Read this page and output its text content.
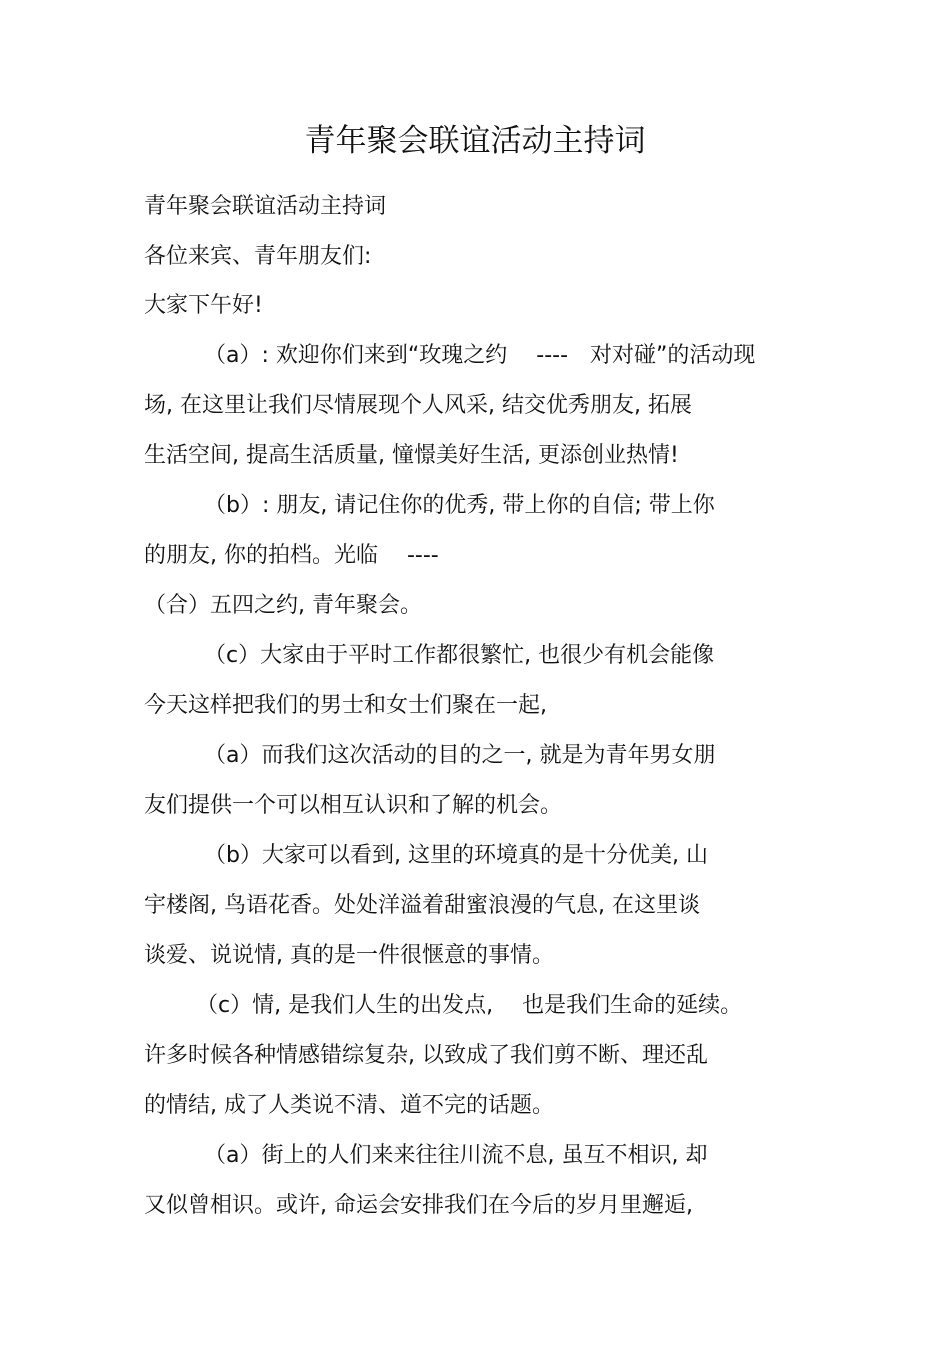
青年聚会联谊活动主持词
青年聚会联谊活动主持词
各位来宾、青年朋友们:
大家下午好!
（a）: 欢迎你们来到“玫瑰之约　 ----　对对碰”的活动现
场, 在这里让我们尽情展现个人风采, 结交优秀朋友, 拓展
生活空间, 提高生活质量, 憧憬美好生活, 更添创业热情!
（b）: 朋友, 请记住你的优秀, 带上你的自信; 带上你
的朋友, 你的拍档。光临　 ----
（合）五四之约, 青年聚会。
（c）大家由于平时工作都很繁忙, 也很少有机会能像
今天这样把我们的男士和女士们聚在一起,
（a）而我们这次活动的目的之一, 就是为青年男女朋
友们提供一个可以相互认识和了解的机会。
（b）大家可以看到, 这里的环境真的是十分优美, 山
宇楼阁, 鸟语花香。处处洋溢着甜蜜浪漫的气息, 在这里谈
谈爱、说说情, 真的是一件很惬意的事情。
（c）情, 是我们人生的出发点,　 也是我们生命的延续。
许多时候各种情感错综复杂, 以致成了我们剪不断、理还乱
的情结, 成了人类说不清、道不完的话题。
（a）街上的人们来来往往川流不息, 虽互不相识, 却
又似曾相识。或许, 命运会安排我们在今后的岁月里邂逅,
